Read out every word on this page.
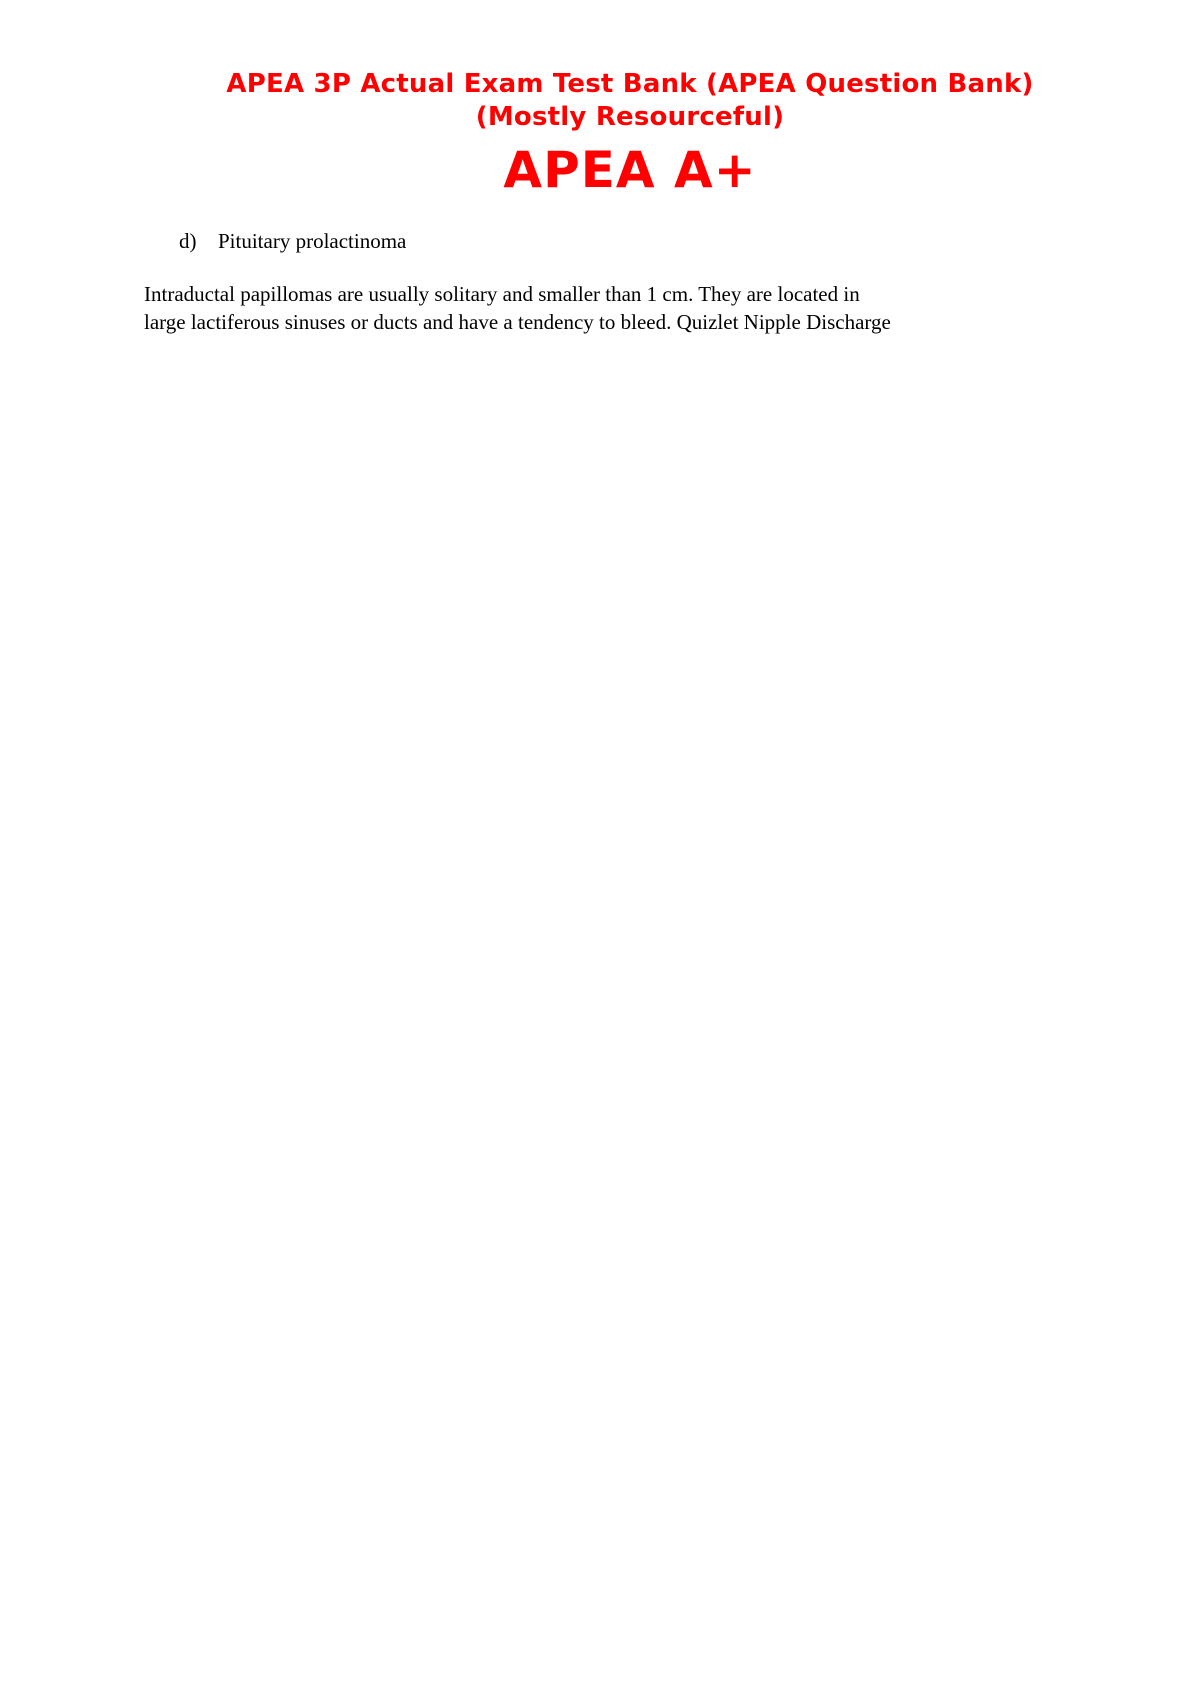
APEA 3P Actual Exam Test Bank (APEA Question Bank)
(Mostly Resourceful)
APEA A+
d) Pituitary prolactinoma
Intraductal papillomas are usually solitary and smaller than 1 cm. They are located in
large lactiferous sinuses or ducts and have a tendency to bleed. Quizlet Nipple Discharge
